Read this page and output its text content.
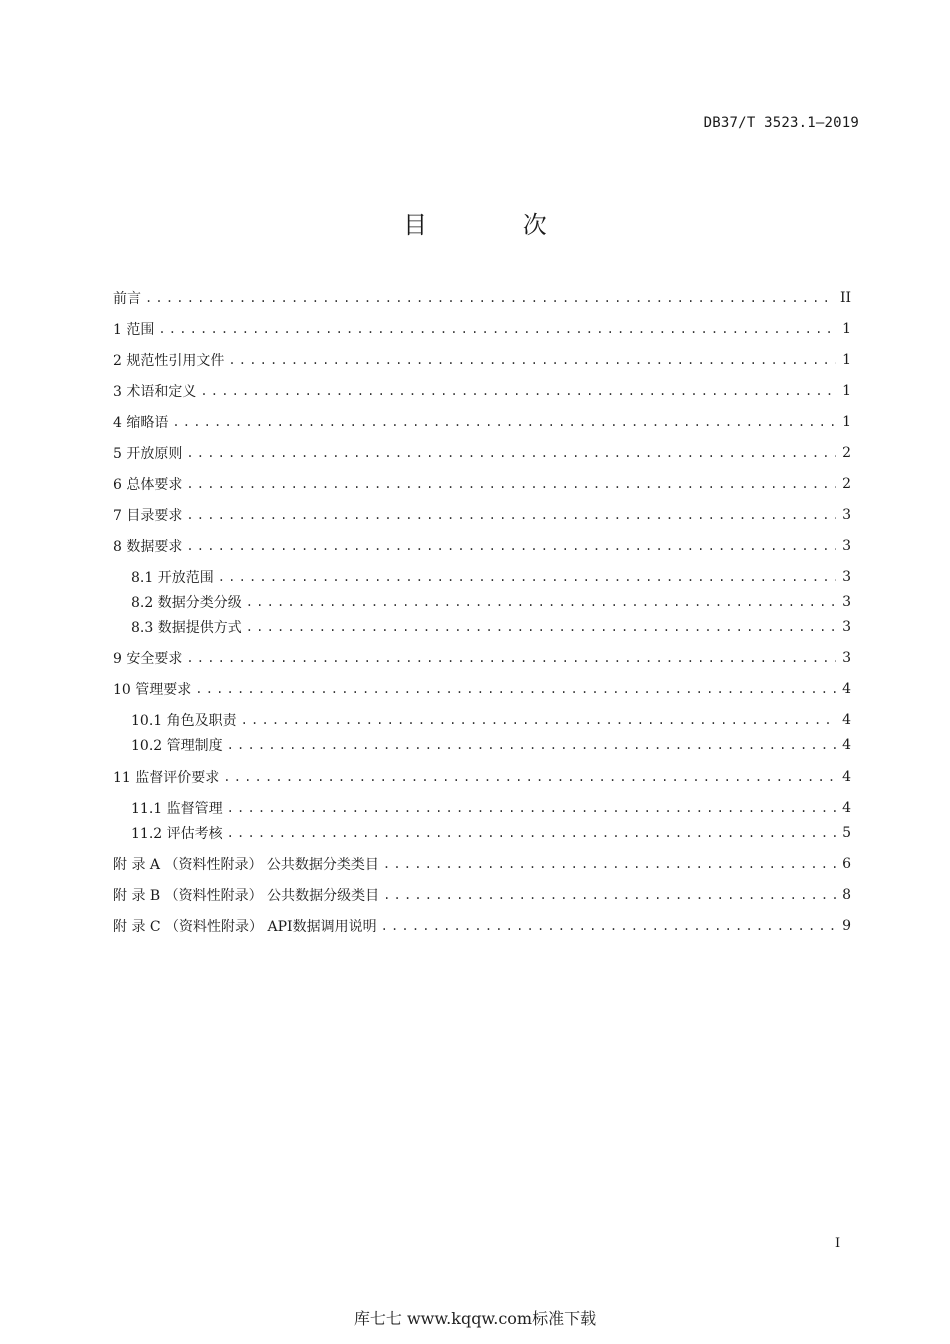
DB37/T 3523.1—2019
目 次
前言 .....	II
1 范围 .....	1
2 规范性引用文件 .....	1
3 术语和定义 .....	1
4 缩略语 .....	1
5 开放原则 .....	2
6 总体要求 .....	2
7 目录要求 .....	3
8 数据要求 .....	3
8.1 开放范围 .....	3
8.2 数据分类分级 .....	3
8.3 数据提供方式 .....	3
9 安全要求 .....	3
10 管理要求 .....	4
10.1 角色及职责 .....	4
10.2 管理制度 .....	4
11 监督评价要求 .....	4
11.1 监督管理 .....	4
11.2 评估考核 .....	5
附 录 A （资料性附录） 公共数据分类类目 .....	6
附 录 B （资料性附录） 公共数据分级类目 .....	8
附 录 C （资料性附录） API数据调用说明 .....	9
I
库七七 www.kqqw.com标准下载
